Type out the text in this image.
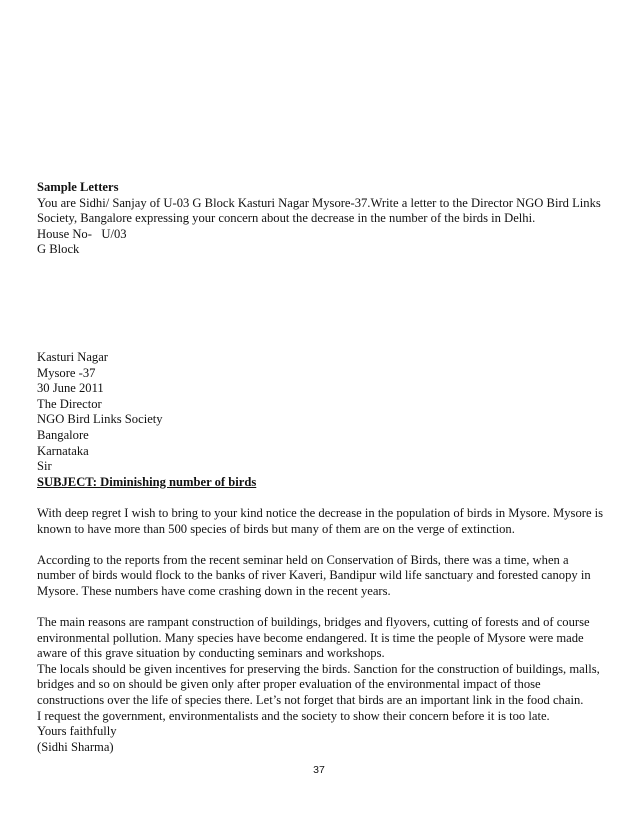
Sample Letters
You are Sidhi/ Sanjay of U-03 G Block Kasturi Nagar Mysore-37.Write a letter to the Director NGO Bird Links
Society, Bangalore expressing your concern about the decrease in the number of the birds in Delhi.
House No-   U/03
G Block
Kasturi Nagar
Mysore -37
30 June 2011
The Director
NGO Bird Links Society
Bangalore
Karnataka
Sir
SUBJECT: Diminishing number of birds
With deep regret I wish to bring to your kind notice the decrease in the population of birds in Mysore. Mysore is
known to have more than 500 species of birds but many of them are on the verge of extinction.
According to the reports from the recent seminar held on Conservation of Birds, there was a time, when a
number of birds would flock to the banks of river Kaveri, Bandipur wild life sanctuary and forested canopy in
Mysore. These numbers have come crashing down in the recent years.
The main reasons are rampant construction of buildings, bridges and flyovers, cutting of forests and of course
environmental pollution. Many species have become endangered. It is time the people of Mysore were made
aware of this grave situation by conducting seminars and workshops.
The locals should be given incentives for preserving the birds. Sanction for the construction of buildings, malls,
bridges and so on should be given only after proper evaluation of the environmental impact of those
constructions over the life of species there. Let’s not forget that birds are an important link in the food chain.
I request the government, environmentalists and the society to show their concern before it is too late.
Yours faithfully
(Sidhi Sharma)
37
